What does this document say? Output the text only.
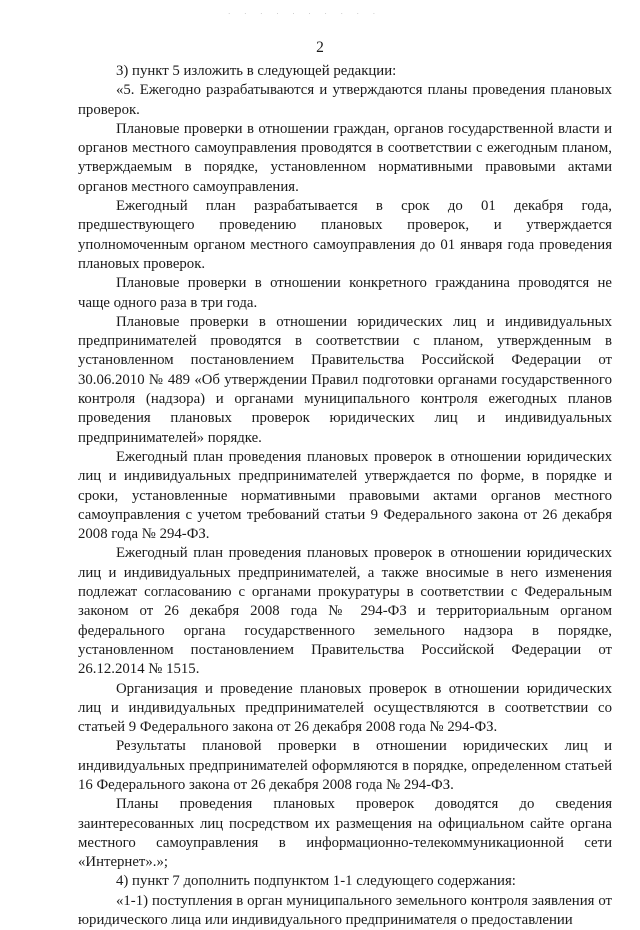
· · · · · · · · · ·
2

3) пункт 5 изложить в следующей редакции:

«5. Ежегодно разрабатываются и утверждаются планы проведения плановых проверок.

Плановые проверки в отношении граждан, органов государственной власти и органов местного самоуправления проводятся в соответствии с ежегодным планом, утверждаемым в порядке, установленном нормативными правовыми актами органов местного самоуправления.

Ежегодный план разрабатывается в срок до 01 декабря года, предшествующего проведению плановых проверок, и утверждается уполномоченным органом местного самоуправления до 01 января года проведения плановых проверок.

Плановые проверки в отношении конкретного гражданина проводятся не чаще одного раза в три года.

Плановые проверки в отношении юридических лиц и индивидуальных предпринимателей проводятся в соответствии с планом, утвержденным в установленном постановлением Правительства Российской Федерации от 30.06.2010 № 489 «Об утверждении Правил подготовки органами государственного контроля (надзора) и органами муниципального контроля ежегодных планов проведения плановых проверок юридических лиц и индивидуальных предпринимателей» порядке.

Ежегодный план проведения плановых проверок в отношении юридических лиц и индивидуальных предпринимателей утверждается по форме, в порядке и сроки, установленные нормативными правовыми актами органов местного самоуправления с учетом требований статьи 9 Федерального закона от 26 декабря 2008 года № 294-ФЗ.

Ежегодный план проведения плановых проверок в отношении юридических лиц и индивидуальных предпринимателей, а также вносимые в него изменения подлежат согласованию с органами прокуратуры в соответствии с Федеральным законом от 26 декабря 2008 года № 294-ФЗ и территориальным органом федерального органа государственного земельного надзора в порядке, установленном постановлением Правительства Российской Федерации от 26.12.2014 № 1515.

Организация и проведение плановых проверок в отношении юридических лиц и индивидуальных предпринимателей осуществляются в соответствии со статьей 9 Федерального закона от 26 декабря 2008 года № 294-ФЗ.

Результаты плановой проверки в отношении юридических лиц и индивидуальных предпринимателей оформляются в порядке, определенном статьей 16 Федерального закона от 26 декабря 2008 года № 294-ФЗ.

Планы проведения плановых проверок доводятся до сведения заинтересованных лиц посредством их размещения на официальном сайте органа местного самоуправления в информационно-телекоммуникационной сети «Интернет».»;

4) пункт 7 дополнить подпунктом 1-1 следующего содержания:

«1-1) поступления в орган муниципального земельного контроля заявления от юридического лица или индивидуального предпринимателя о предоставлении
